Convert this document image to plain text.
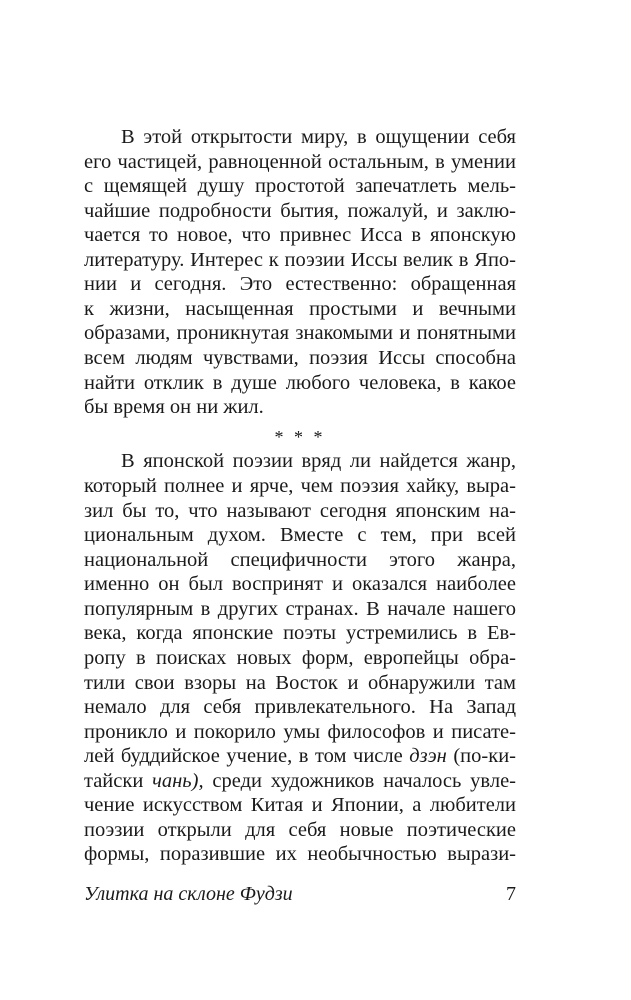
В этой открытости миру, в ощущении себя
его частицей, равноценной остальным, в умении
с щемящей душу простотой запечатлеть мель-
чайшие подробности бытия, пожалуй, и заклю-
чается то новое, что привнес Исса в японскую
литературу. Интерес к поэзии Иссы велик в Япо-
нии и сегодня. Это естественно: обращенная
к жизни, насыщенная простыми и вечными
образами, проникнутая знакомыми и понятными
всем людям чувствами, поэзия Иссы способна
найти отклик в душе любого человека, в какое
бы время он ни жил.
* * *
В японской поэзии вряд ли найдется жанр,
который полнее и ярче, чем поэзия хайку, выра-
зил бы то, что называют сегодня японским на-
циональным духом. Вместе с тем, при всей
национальной специфичности этого жанра,
именно он был воспринят и оказался наиболее
популярным в других странах. В начале нашего
века, когда японские поэты устремились в Ев-
ропу в поисках новых форм, европейцы обра-
тили свои взоры на Восток и обнаружили там
немало для себя привлекательного. На Запад
проникло и покорило умы философов и писате-
лей буддийское учение, в том числе дзэн (по-ки-
тайски чань), среди художников началось увле-
чение искусством Китая и Японии, а любители
поэзии открыли для себя новые поэтические
формы, поразившие их необычностью вырази-
Улитка на склоне Фудзи	7
